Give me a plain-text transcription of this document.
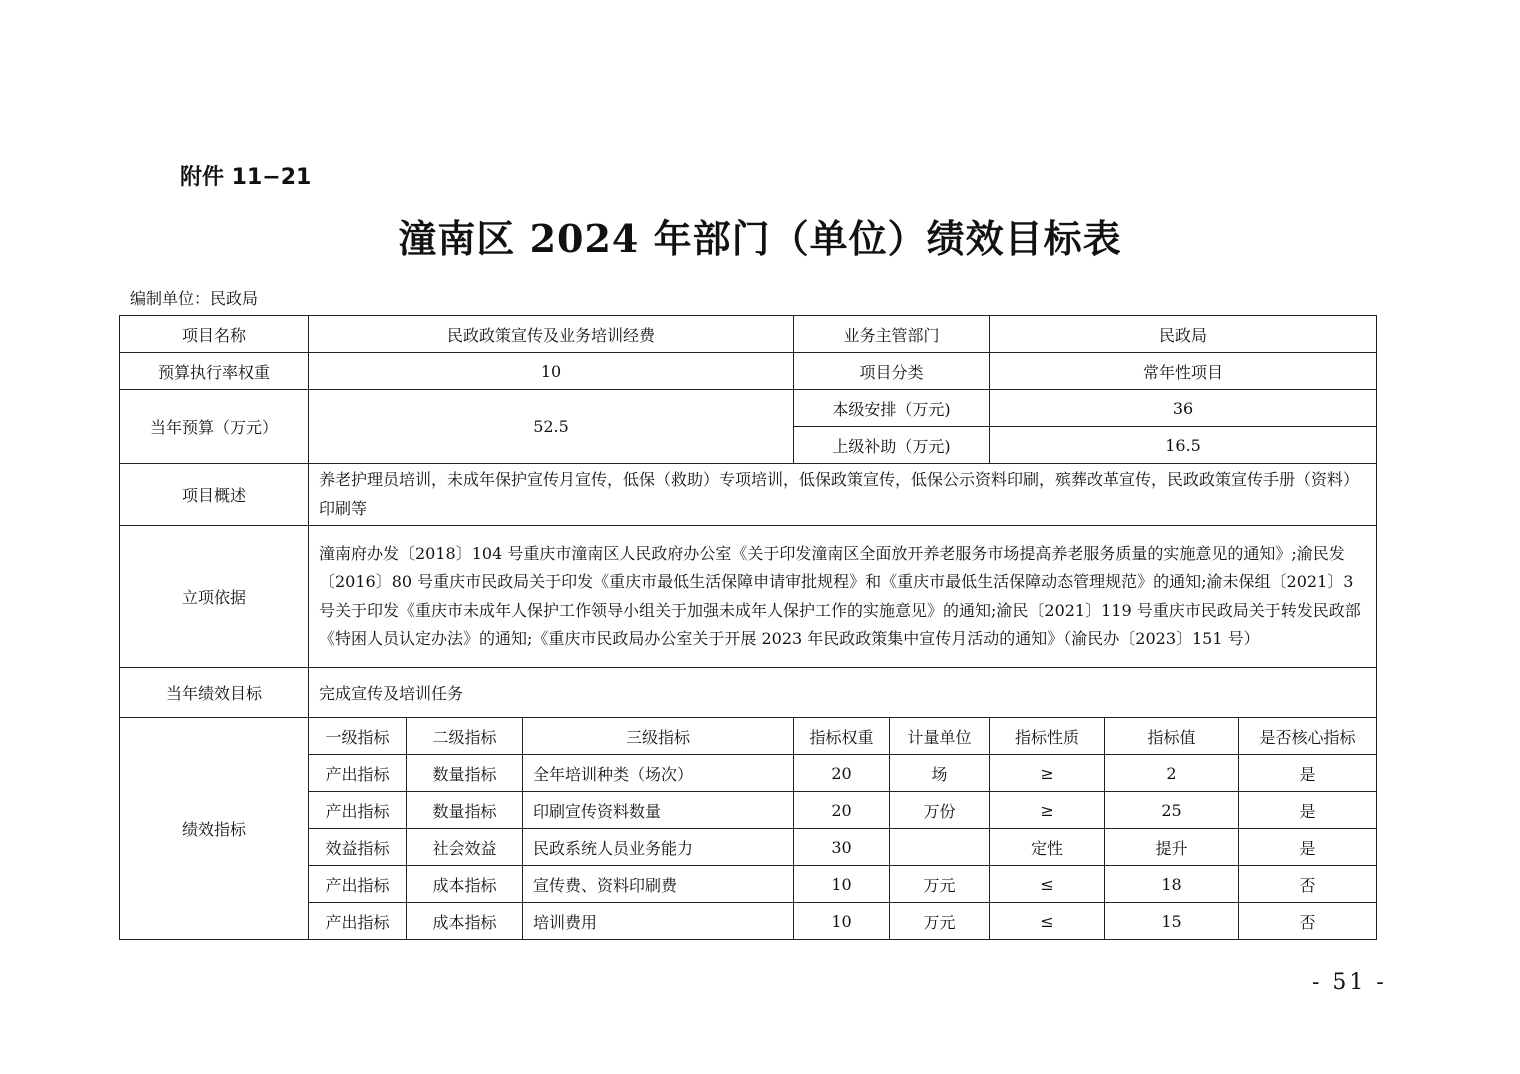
附件 11−21
潼南区 2024 年部门（单位）绩效目标表
编制单位：民政局
项目名称	民政政策宣传及业务培训经费			业务主管部门		民政局		
预算执行率权重	10			项目分类		常年性项目		
当年预算（万元）	52.5			本级安排（万元)		36		
				上级补助（万元)		16.5		
项目概述	养老护理员培训，未成年保护宣传月宣传，低保（救助）专项培训，低保政策宣传，低保公示资料印刷，殡葬改革宣传，民政政策宣传手册（资料）印刷等							
立项依据	潼南府办发〔2018〕104 号重庆市潼南区人民政府办公室《关于印发潼南区全面放开养老服务市场提高养老服务质量的实施意见的通知》;渝民发〔2016〕80 号重庆市民政局关于印发《重庆市最低生活保障申请审批规程》和《重庆市最低生活保障动态管理规范》的通知;渝未保组〔2021〕3 号关于印发《重庆市未成年人保护工作领导小组关于加强未成年人保护工作的实施意见》的通知;渝民〔2021〕119 号重庆市民政局关于转发民政部《特困人员认定办法》的通知;《重庆市民政局办公室关于开展 2023 年民政政策集中宣传月活动的通知》（渝民办〔2023〕151 号）							
当年绩效目标	完成宣传及培训任务							
绩效指标	一级指标	二级指标	三级指标	指标权重	计量单位	指标性质	指标值	是否核心指标
	产出指标	数量指标	全年培训种类（场次）	20	场	≥	2	是
	产出指标	数量指标	印刷宣传资料数量	20	万份	≥	25	是
	效益指标	社会效益	民政系统人员业务能力	30		定性	提升	是
	产出指标	成本指标	宣传费、资料印刷费	10	万元	≤	18	否
	产出指标	成本指标	培训费用	10	万元	≤	15	否
- 51 -
